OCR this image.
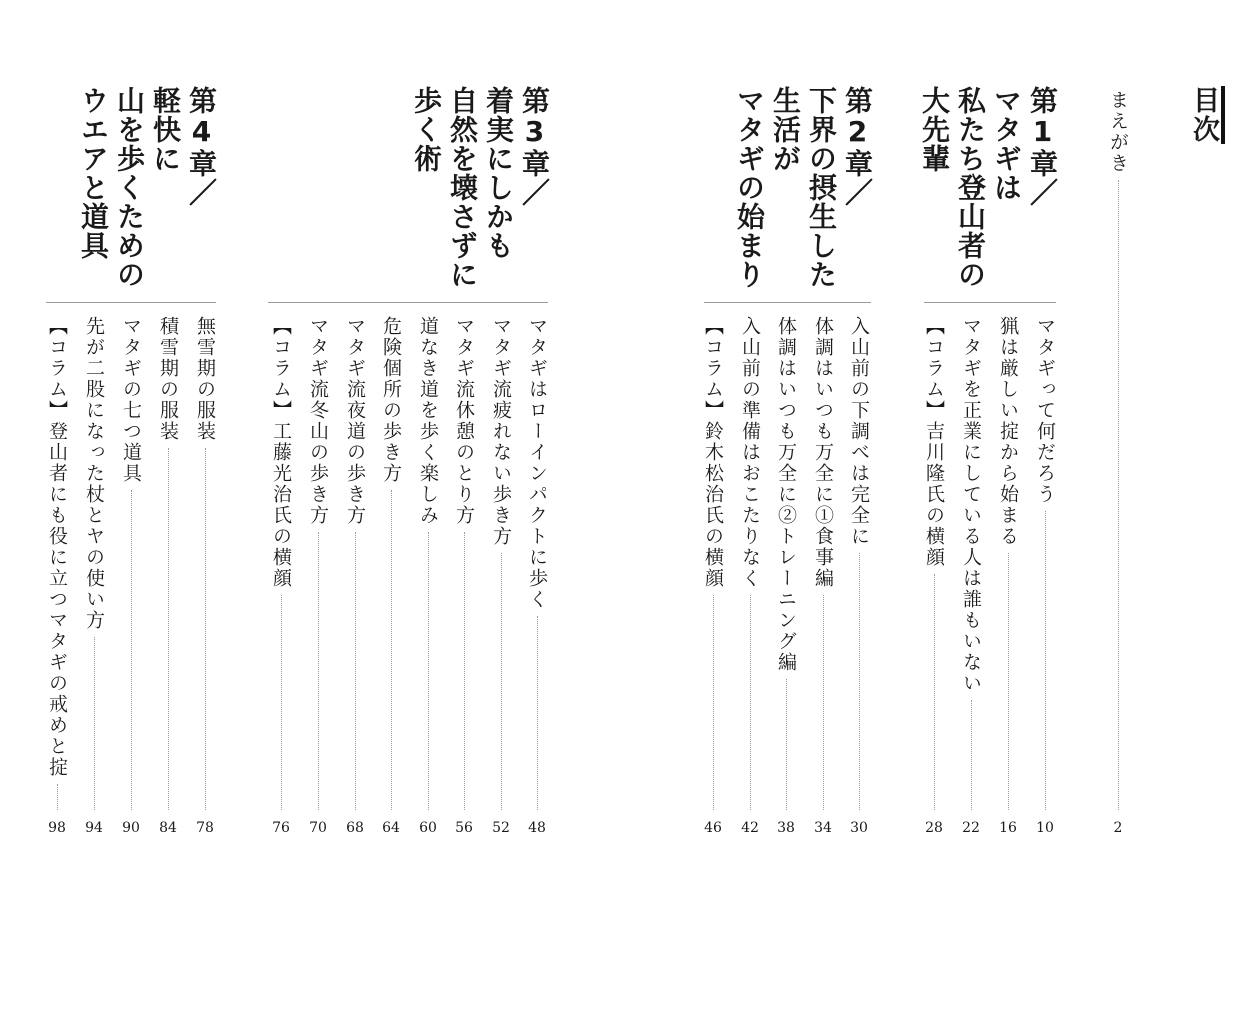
目次
まえがき
2
第1章／
マタギは
私たち登山者の
大先輩
マタギって何だろう
10
猟は厳しい掟から始まる
16
マタギを正業にしている人は誰もいない
22
【コラム】吉川隆氏の横顔
28
第2章／
下界の摂生した
生活が
マタギの始まり
入山前の下調べは完全に
30
体調はいつも万全に①食事編
34
体調はいつも万全に②トレーニング編
38
入山前の準備はおこたりなく
42
【コラム】鈴木松治氏の横顔
46
第3章／
着実にしかも
自然を壊さずに
歩く術
マタギはローインパクトに歩く
48
マタギ流疲れない歩き方
52
マタギ流休憩のとり方
56
道なき道を歩く楽しみ
60
危険個所の歩き方
64
マタギ流夜道の歩き方
68
マタギ流冬山の歩き方
70
【コラム】工藤光治氏の横顔
76
第4章／
軽快に
山を歩くための
ウエアと道具
無雪期の服装
78
積雪期の服装
84
マタギの七つ道具
90
先が二股になった杖とヤの使い方
94
【コラム】登山者にも役に立つマタギの戒めと掟
98
